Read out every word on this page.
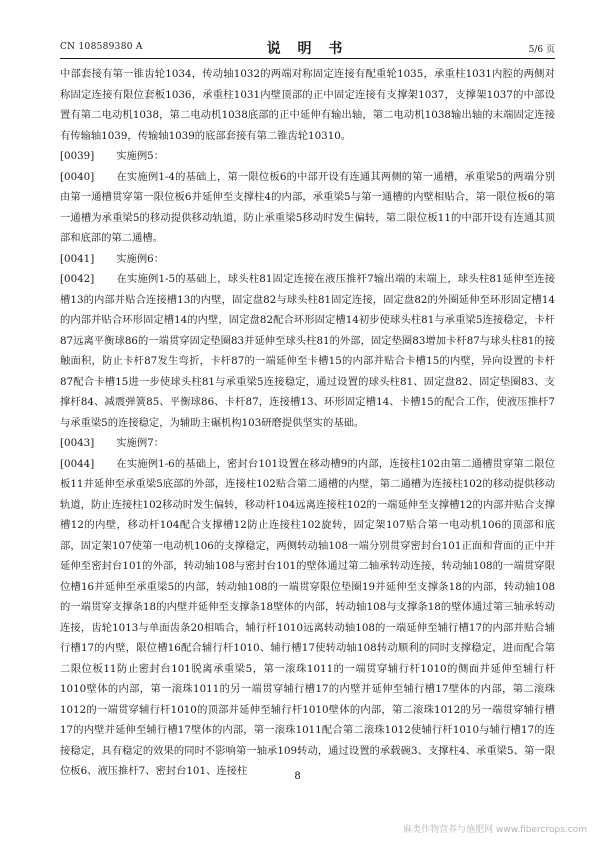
CN 108589380 A	说 明 书	5/6 页

中部套接有第一锥齿轮1034，传动轴1032的两端对称固定连接有配重轮1035，承重柱1031内腔的两侧对称固定连接有限位套板1036，承重柱1031内壁顶部的正中固定连接有支撑架1037，支撑架1037的中部设置有第二电动机1038，第二电动机1038底部的正中延伸有输出轴，第二电动机1038输出轴的末端固定连接有传输轴1039，传输轴1039的底部套接有第二锥齿轮10310。

[0039] 实施例5：

[0040] 在实施例1-4的基础上，第一限位板6的中部开设有连通其两侧的第一通槽，承重梁5的两端分别由第一通槽贯穿第一限位板6并延伸至支撑柱4的内部，承重梁5与第一通槽的内壁相贴合，第一限位板6的第一通槽为承重梁5的移动提供移动轨道，防止承重梁5移动时发生偏转，第二限位板11的中部开设有连通其顶部和底部的第二通槽。

[0041] 实施例6：

[0042] 在实施例1-5的基础上，球头柱81固定连接在液压推杆7输出端的末端上，球头柱81延伸至连接槽13的内部并贴合连接槽13的内壁，固定盘82与球头柱81固定连接，固定盘82的外圈延伸至环形固定槽14的内部并贴合环形固定槽14的内壁，固定盘82配合环形固定槽14初步使球头柱81与承重梁5连接稳定，卡杆87远离平衡球86的一端贯穿固定垫圈83并延伸至球头柱81的外部，固定垫圈83增加卡杆87与球头柱81的接触面积，防止卡杆87发生弯折，卡杆87的一端延伸至卡槽15的内部并贴合卡槽15的内壁，异向设置的卡杆87配合卡槽15进一步使球头柱81与承重梁5连接稳定，通过设置的球头柱81、固定盘82、固定垫圈83、支撑杆84、减震弹簧85、平衡球86、卡杆87，连接槽13、环形固定槽14、卡槽15的配合工作，使液压推杆7与承重梁5的连接稳定，为辅助主碾机构103研磨提供坚实的基础。

[0043] 实施例7：

[0044] 在实施例1-6的基础上，密封台101设置在移动槽9的内部，连接柱102由第二通槽贯穿第二限位板11并延伸至承重梁5底部的外部，连接柱102贴合第二通槽的内壁，第二通槽为连接柱102的移动提供移动轨道，防止连接柱102移动时发生偏转，移动杆104远离连接柱102的一端延伸至支撑槽12的内部并贴合支撑槽12的内壁，移动杆104配合支撑槽12防止连接柱102旋转，固定架107贴合第一电动机106的顶部和底部，固定架107使第一电动机106的支撑稳定，两侧转动轴108一端分别贯穿密封台101正面和背面的正中并延伸至密封台101的外部，转动轴108与密封台101的壁体通过第二轴承转动连接，转动轴108的一端贯穿限位槽16并延伸至承重梁5的内部，转动轴108的一端贯穿限位垫圈19并延伸至支撑条18的内部，转动轴108的一端贯穿支撑条18的内壁并延伸至支撑条18壁体的内部，转动轴108与支撑条18的壁体通过第三轴承转动连接，齿轮1013与单面齿条20相啮合，辅行杆1010远离转动轴108的一端延伸至辅行槽17的内部并贴合辅行槽17的内壁，限位槽16配合辅行杆1010、辅行槽17使转动轴108转动顺利的同时支撑稳定，进而配合第二限位板11防止密封台101脱离承重梁5，第一滚珠1011的一端贯穿辅行杆1010的侧面并延伸至辅行杆1010壁体的内部，第一滚珠1011的另一端贯穿辅行槽17的内壁并延伸至辅行槽17壁体的内部，第二滚珠1012的一端贯穿辅行杆1010的顶部并延伸至辅行杆1010壁体的内部，第二滚珠1012的另一端贯穿辅行槽17的内壁并延伸至辅行槽17壁体的内部，第一滚珠1011配合第二滚珠1012使辅行杆1010与辅行槽17的连接稳定，具有稳定的效果的同时不影响第一轴承109转动，通过设置的承载碗3、支撑柱4、承重梁5、第一限位板6、液压推杆7、密封台101、连接柱	8
麻类作物营养与施肥网 www.fibercrops.com
